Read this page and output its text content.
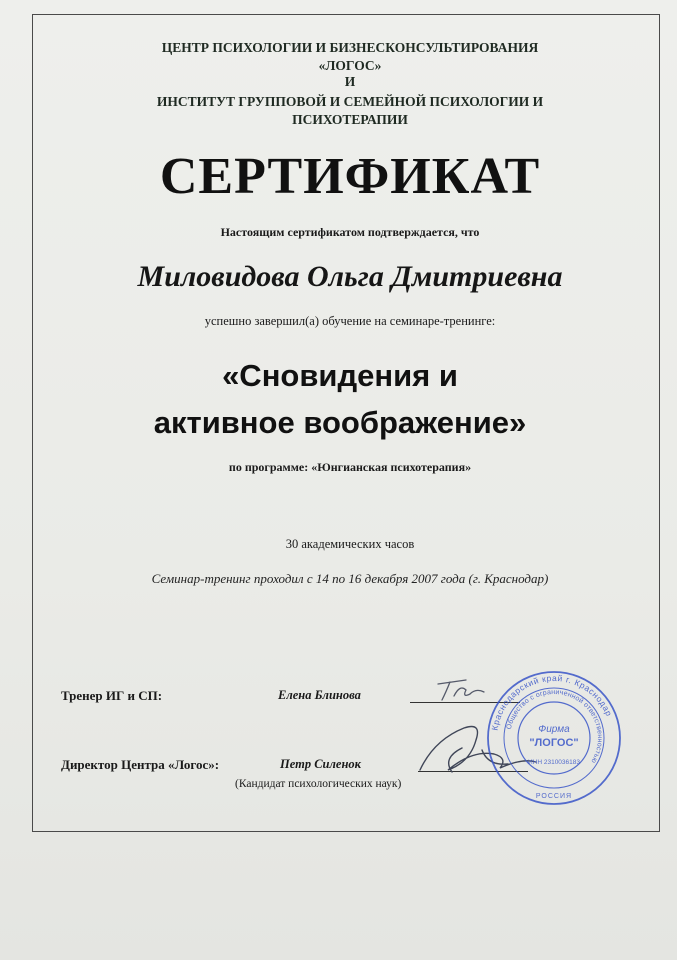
ЦЕНТР ПСИХОЛОГИИ И БИЗНЕСКОНСУЛЬТИРОВАНИЯ
«ЛОГОС»
И
ИНСТИТУТ ГРУППОВОЙ И СЕМЕЙНОЙ ПСИХОЛОГИИ И
ПСИХОТЕРАПИИ
СЕРТИФИКАТ
Настоящим сертификатом подтверждается, что
Миловидова Ольга Дмитриевна
успешно завершил(а) обучение на семинаре-тренинге:
«Сновидения и
активное воображение»
по программе: «Юнгианская психотерапия»
30 академических часов
Семинар-тренинг проходил с 14 по 16 декабря 2007 года (г. Краснодар)
Тренер ИГ и СП:	Елена Блинова
Директор Центра «Логос»:	Петр Силенок
(Кандидат психологических наук)
Краснодарский край г. Краснодар
Общество с ограниченной ответственностью
Фирма
"ЛОГОС"
ИНН 2310036183
РОССИЯ
